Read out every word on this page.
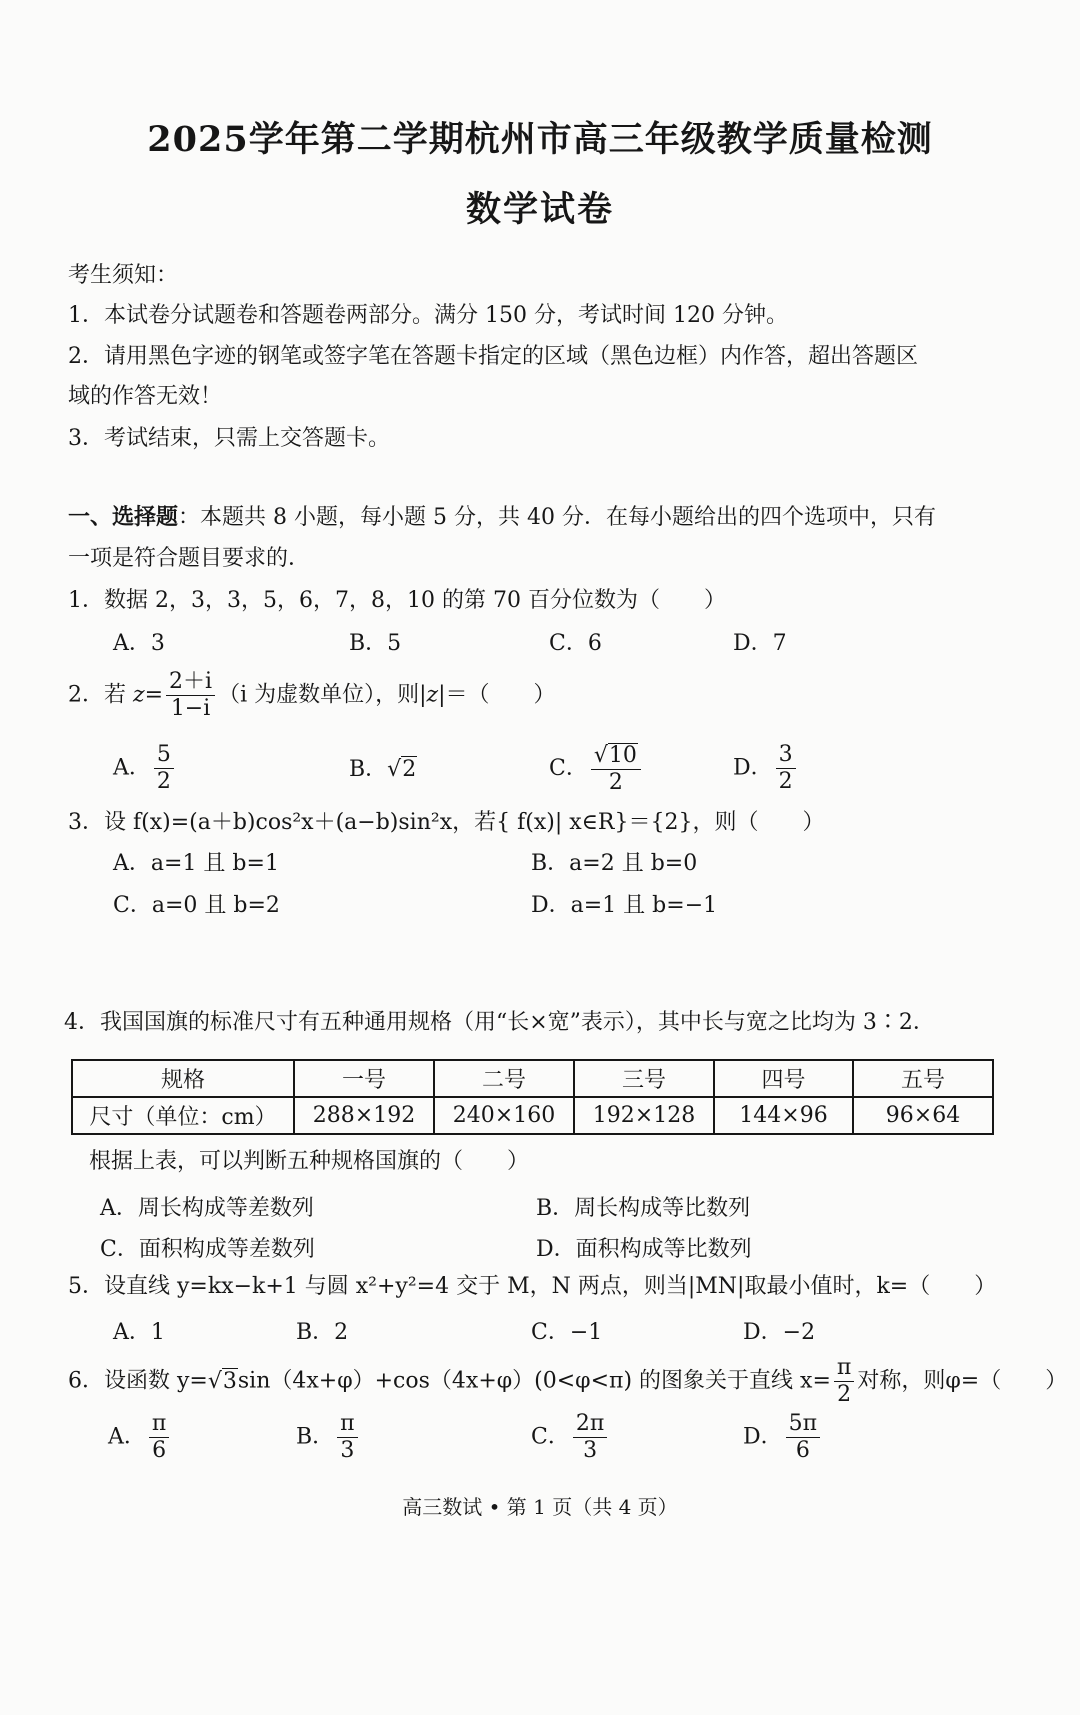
2025学年第二学期杭州市高三年级教学质量检测
数学试卷
考生须知：
1．本试卷分试题卷和答题卷两部分。满分 150 分，考试时间 120 分钟。
2．请用黑色字迹的钢笔或签字笔在答题卡指定的区域（黑色边框）内作答，超出答题区
域的作答无效！
3．考试结束，只需上交答题卡。
一、选择题：本题共 8 小题，每小题 5 分，共 40 分．在每小题给出的四个选项中，只有
一项是符合题目要求的．
1．数据 2，3，3，5，6，7，8，10 的第 70 百分位数为（　　）
A．3	B．5	C．6	D．7
2．若 $z= \frac{2+i}{1-i} (i$ 为虚数单位），则|z|＝（　　）
A． $\frac{5}{2}$	B． √ 2	C． $\frac{√ 10}{2}$	D． $\frac{3}{2}$
3．设 f(x)=(a＋b)cos²x＋(a−b)sin²x，若{ f(x)| x∈R}＝{2}，则（　　）
A．a=1 且 b=1	B．a=2 且 b=0
C．a=0 且 b=2	D．a=1 且 b=−1
4．我国国旗的标准尺寸有五种通用规格（用“长×宽”表示），其中长与宽之比均为 3∶2．
规格	一号	二号	三号	四号	五号
尺寸（单位：cm）	288×192	240×160	192×128	144×96	96×64
根据上表，可以判断五种规格国旗的（　　）
A．周长构成等差数列	B．周长构成等比数列
C．面积构成等差数列	D．面积构成等比数列
5．设直线 y=kx−k+1 与圆 x²+y²=4 交于 M，N 两点，则当|MN|取最小值时，k=（　　）
A．1	B．2	C．−1	D．−2
6．设函数 y= √ 3 sin（4x+φ）+cos（4x+φ）(0<φ<π) 的图象关于直线 $x= \frac{\pi}{2}$ 对称，则φ=（　　）
A． $\frac{\pi}{6}$	B． $\frac{\pi}{3}$	C． $\frac{2\pi}{3}$	D． $\frac{5\pi}{6}$
高三数试 • 第 1 页（共 4 页）
